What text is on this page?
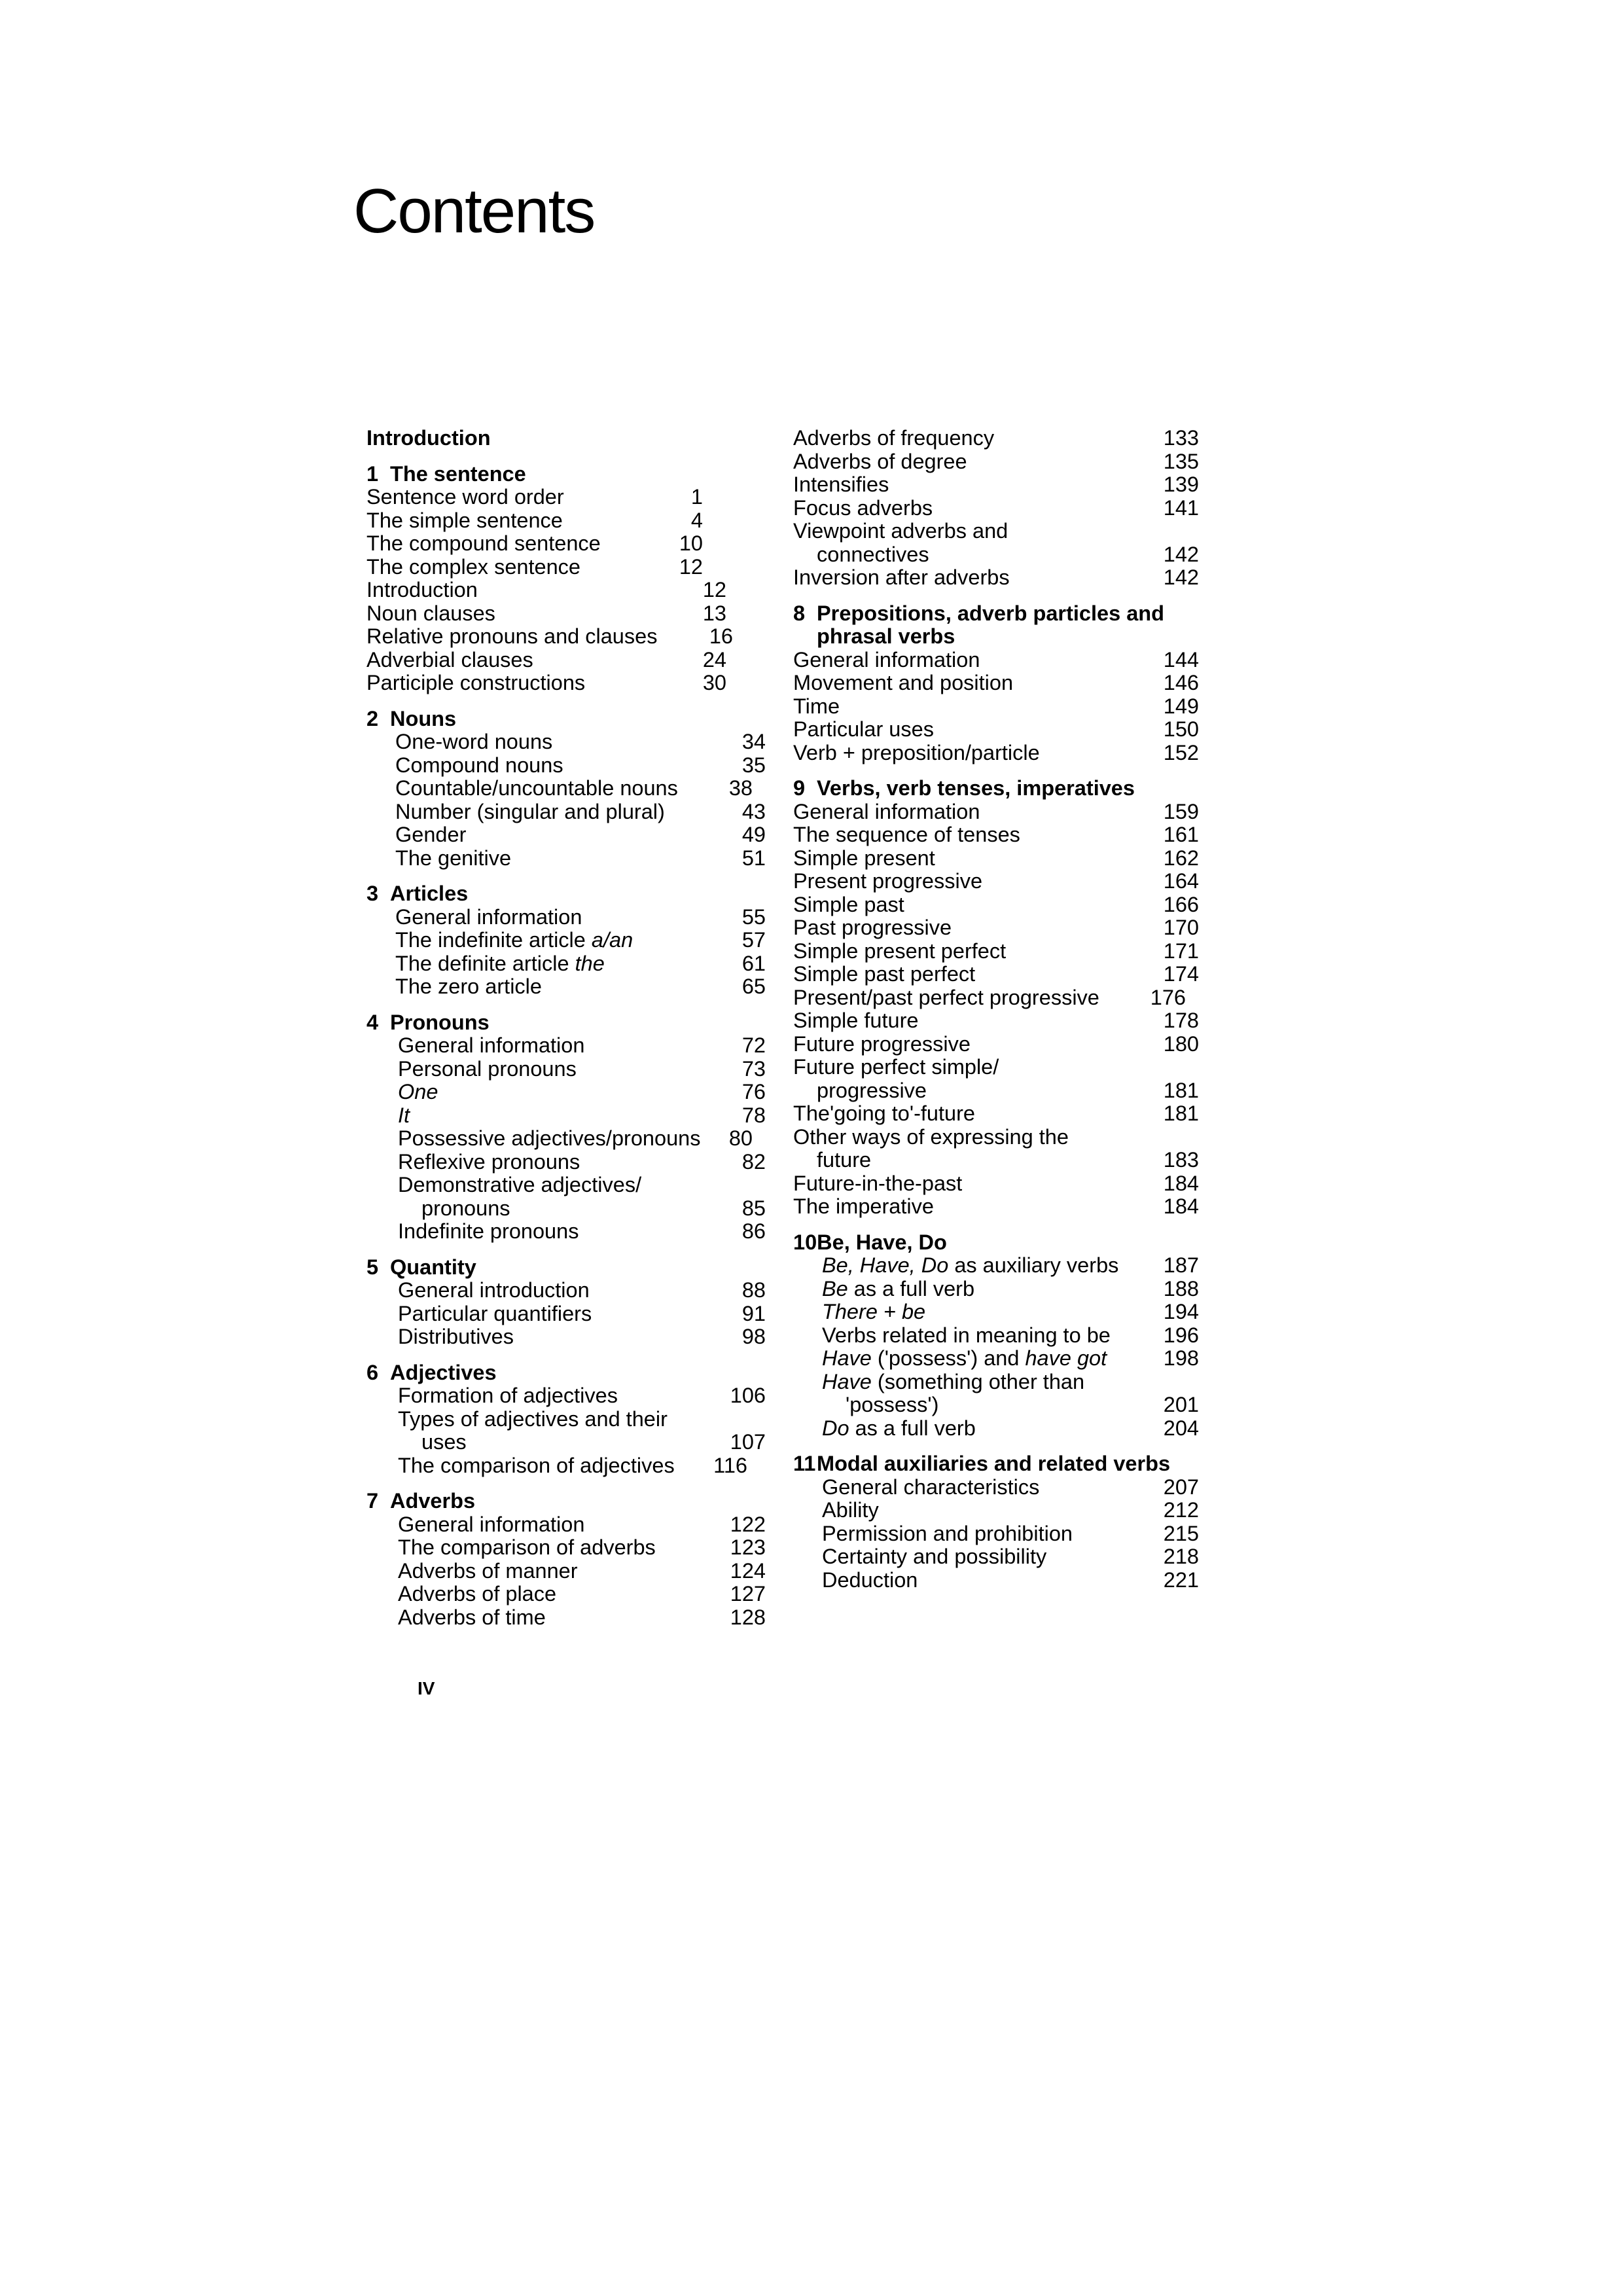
Contents
Introduction
1 The sentence
Sentence word order	1
The simple sentence	4
The compound sentence	10
The complex sentence	12
Introduction	12
Noun clauses	13
Relative pronouns and clauses	16
Adverbial clauses	24
Participle constructions	30
2 Nouns
One-word nouns	34
Compound nouns	35
Countable/uncountable nouns	38
Number (singular and plural)	43
Gender	49
The genitive	51
3 Articles
General information	55
The indefinite article a/an	57
The definite article the	61
The zero article	65
4 Pronouns
General information	72
Personal pronouns	73
One	76
It	78
Possessive adjectives/pronouns	80
Reflexive pronouns	82
Demonstrative adjectives/
pronouns	85
Indefinite pronouns	86
5 Quantity
General introduction	88
Particular quantifiers	91
Distributives	98
6 Adjectives
Formation of adjectives	106
Types of adjectives and their
uses	107
The comparison of adjectives	116
7 Adverbs
General information	122
The comparison of adverbs	123
Adverbs of manner	124
Adverbs of place	127
Adverbs of time	128
Adverbs of frequency	133
Adverbs of degree	135
Intensifies	139
Focus adverbs	141
Viewpoint adverbs and
connectives	142
Inversion after adverbs	142
8 Prepositions, adverb particles and phrasal verbs
General information	144
Movement and position	146
Time	149
Particular uses	150
Verb + preposition/particle	152
9 Verbs, verb tenses, imperatives
General information	159
The sequence of tenses	161
Simple present	162
Present progressive	164
Simple past	166
Past progressive	170
Simple present perfect	171
Simple past perfect	174
Present/past perfect progressive	176
Simple future	178
Future progressive	180
Future perfect simple/
progressive	181
The'going to'-future	181
Other ways of expressing the
future	183
Future-in-the-past	184
The imperative	184
10 Be, Have, Do
Be, Have, Do as auxiliary verbs	187
Be as a full verb	188
There + be	194
Verbs related in meaning to be	196
Have ('possess') and have got	198
Have (something other than
'possess')	201
Do as a full verb	204
11 Modal auxiliaries and related verbs
General characteristics	207
Ability	212
Permission and prohibition	215
Certainty and possibility	218
Deduction	221
IV
